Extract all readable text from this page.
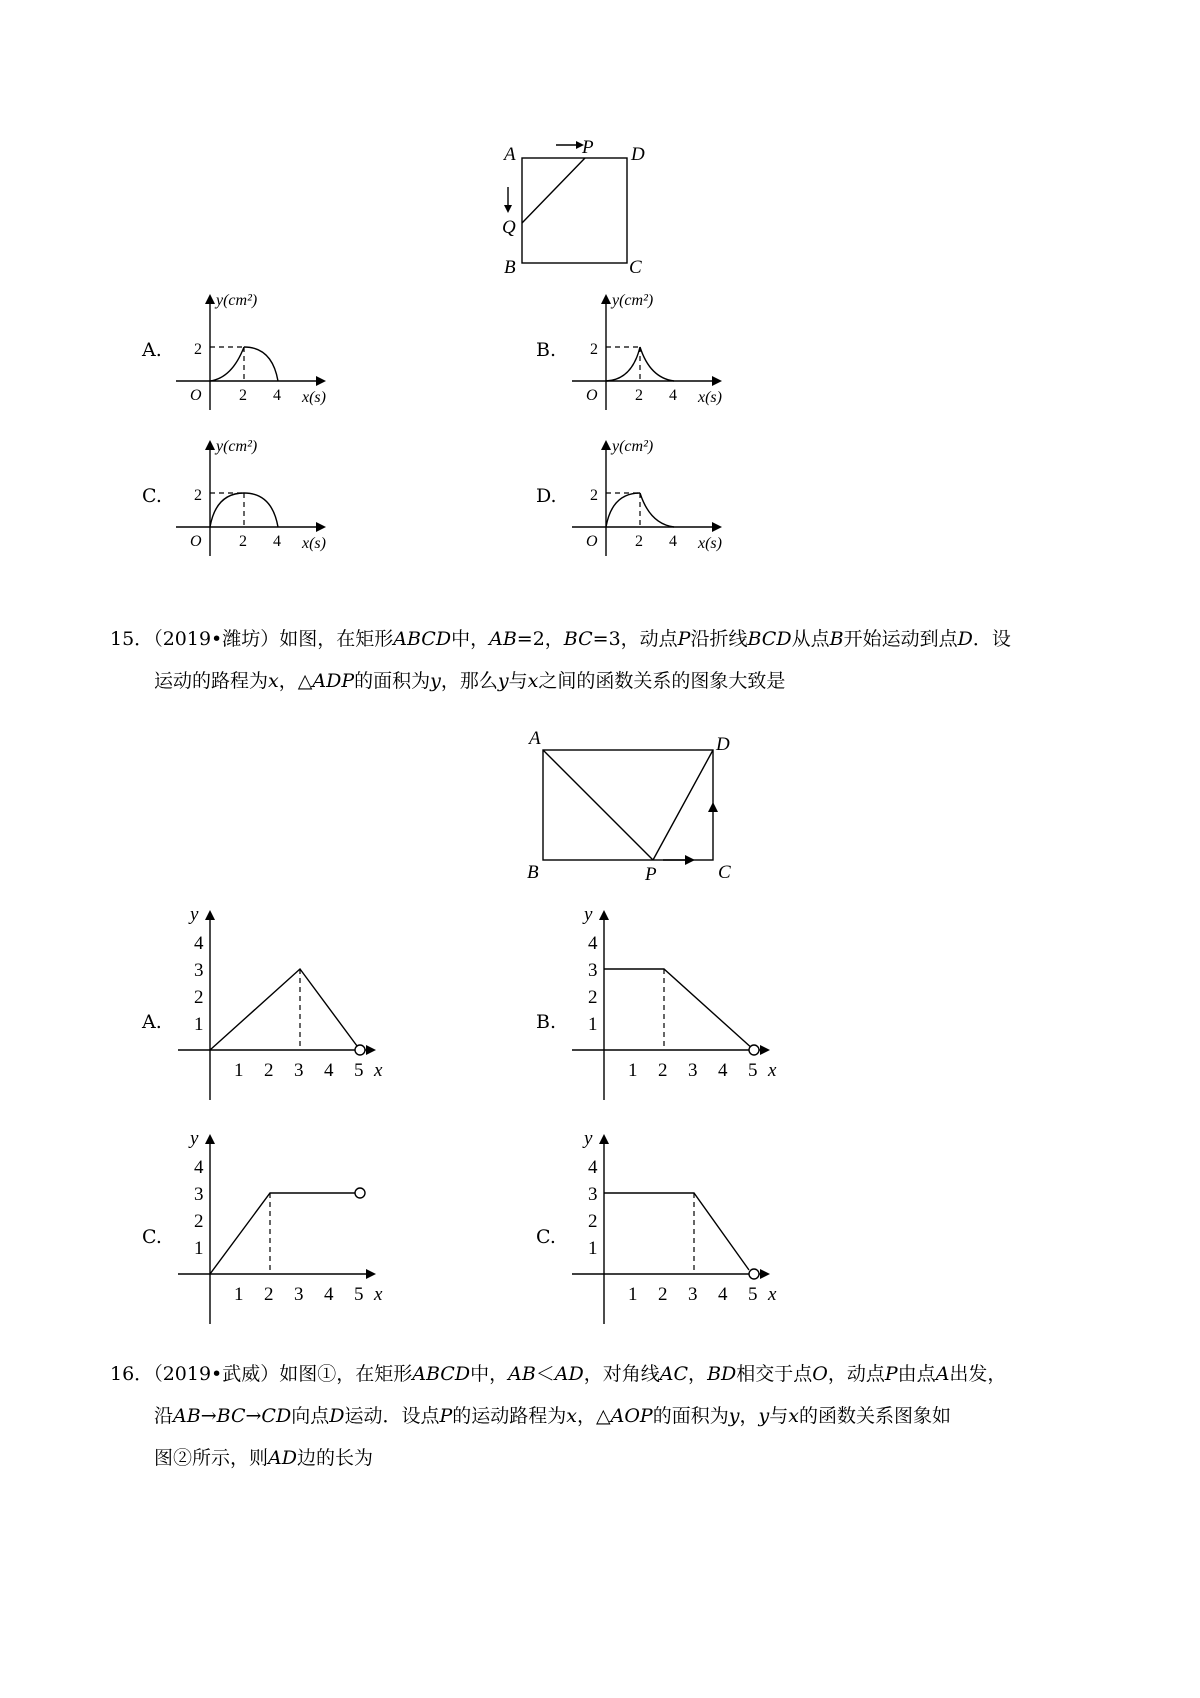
A	P D
Q
B	C
A.
C.
B.
D.
y(cm²)
2
O 2 4 x(s)
y(cm²)
2
O 2 4 x(s)
y(cm²)
2
O 2 4 x(s)
y(cm²)
2
O 2 4 x(s)

15．（2019•潍坊）如图，在矩形ABCD中，AB=2，BC=3，动点P沿折线BCD从点B开始运动到点D．设

运动的路程为x，△ADP的面积为y，那么y与x之间的函数关系的图象大致是

A	D
B	P	C
A.
C.
B.
C.
y
1
2
3
4
1 2 3 4 5 x
y
1
2
3
4
1 2 3 4 5 x
y
1
2
3
4
1 2 3 4 5 x
y
1
2
3
4
1 2 3 4 5 x

16．（2019•武威）如图①，在矩形ABCD中，AB＜AD，对角线AC，BD相交于点O，动点P由点A出发，

沿AB→BC→CD向点D运动．设点P的运动路程为x，△AOP的面积为y，y与x的函数关系图象如

图②所示，则AD边的长为
